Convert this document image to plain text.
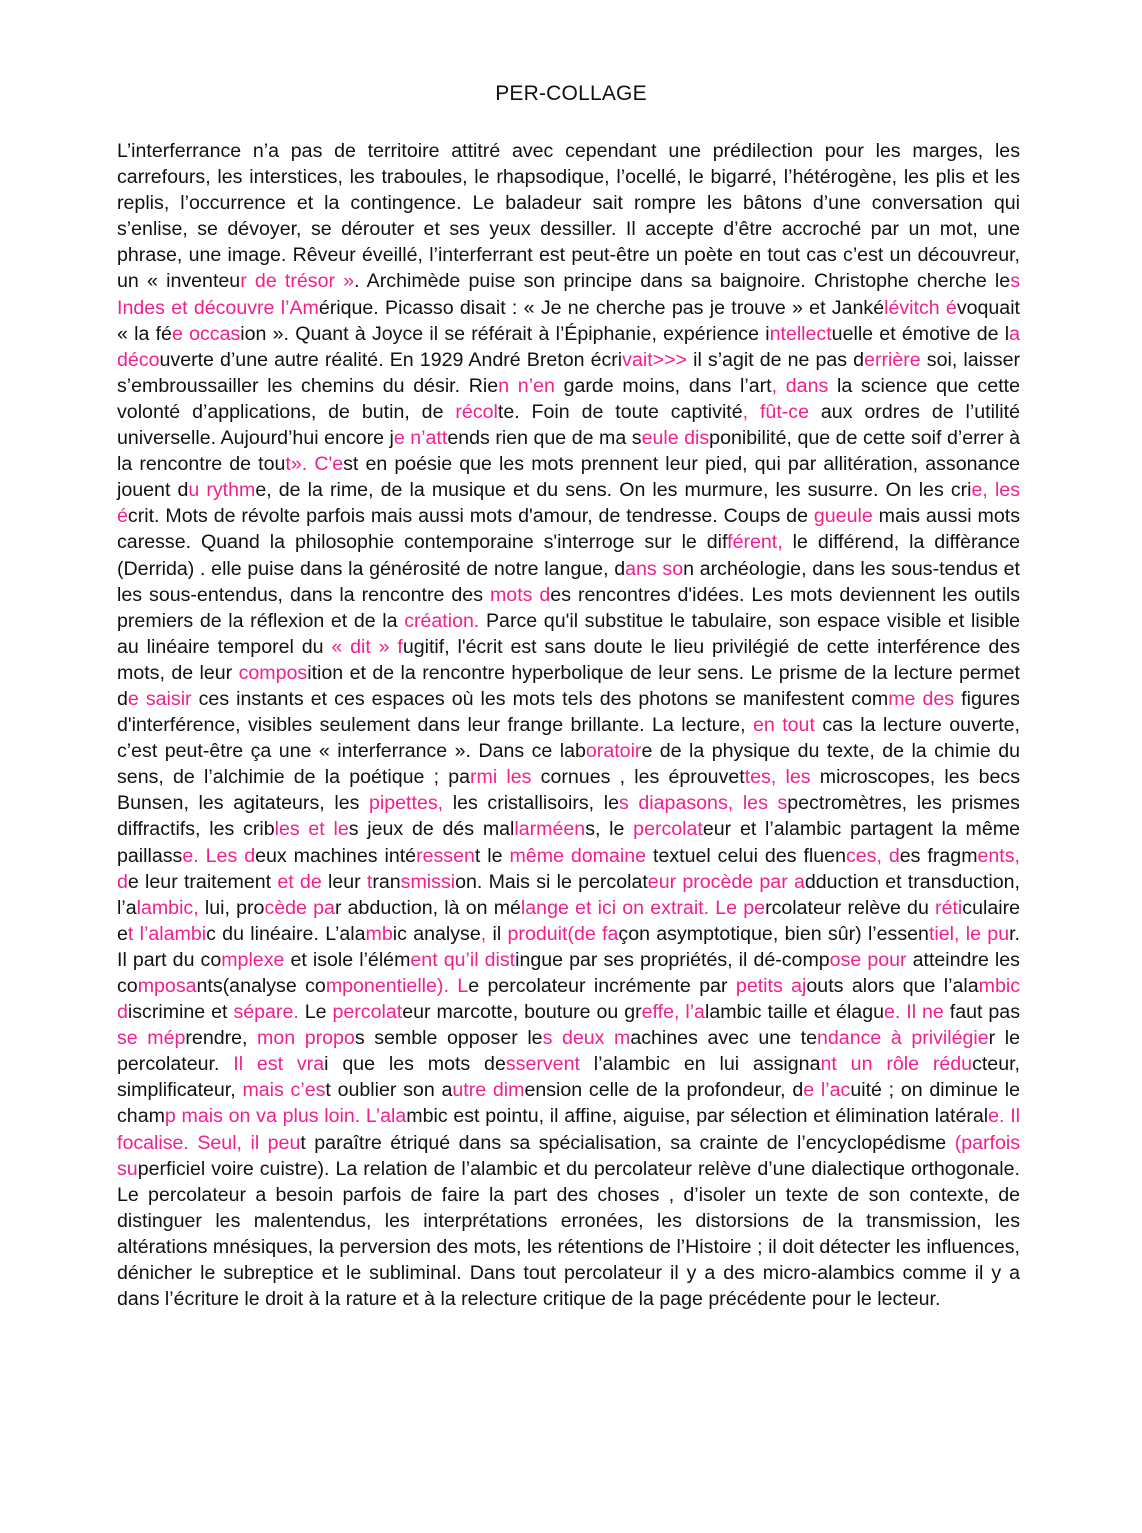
PER-COLLAGE

L’interferrance n’a pas de territoire attitré avec cependant une prédilection pour les marges, les carrefours, les interstices, les traboules, le rhapsodique, l’ocellé, le bigarré, l’hétérogène, les plis et les replis, l’occurrence et la contingence. Le baladeur sait rompre les bâtons d’une conversation qui s’enlise, se dévoyer, se dérouter et ses yeux dessiller. Il accepte d’être accroché par un mot, une phrase, une image. Rêveur éveillé, l’interferrant est peut-être un poète en tout cas c’est un découvreur, un « inventeur de trésor ». Archimède puise son principe dans sa baignoire. Christophe cherche les Indes et découvre l’Amérique. Picasso disait : « Je ne cherche pas je trouve » et Jankélévitch évoquait « la fée occasion ». Quant à Joyce il se référait à l’Épiphanie, expérience intellectuelle et émotive de la découverte d’une autre réalité. En 1929 André Breton écrivait>>> il s’agit de ne pas derrière soi, laisser s’embroussailler les chemins du désir. Rien n’en garde moins, dans l’art, dans la science que cette volonté d’applications, de butin, de récolte. Foin de toute captivité, fût-ce aux ordres de l’utilité universelle. Aujourd’hui encore je n’attends rien que de ma seule disponibilité, que de cette soif d’errer à la rencontre de tout». C'est en poésie que les mots prennent leur pied, qui par allitération, assonance jouent du rythme, de la rime, de la musique et du sens. On les murmure, les susurre. On les crie, les écrit. Mots de révolte parfois mais aussi mots d'amour, de tendresse. Coups de gueule mais aussi mots caresse. Quand la philosophie contemporaine s'interroge sur le différent, le différend, la diffèrance (Derrida) . elle puise dans la générosité de notre langue, dans son archéologie, dans les sous-tendus et les sous-entendus, dans la rencontre des mots des rencontres d'idées. Les mots deviennent les outils premiers de la réflexion et de la création. Parce qu'il substitue le tabulaire, son espace visible et lisible au linéaire temporel du « dit » fugitif, l'écrit est sans doute le lieu privilégié de cette interférence des mots, de leur composition et de la rencontre hyperbolique de leur sens. Le prisme de la lecture permet de saisir ces instants et ces espaces où les mots tels des photons se manifestent comme des figures d'interférence, visibles seulement dans leur frange brillante. La lecture, en tout cas la lecture ouverte, c’est peut-être ça une « interferrance ». Dans ce laboratoire de la physique du texte, de la chimie du sens, de l’alchimie de la poétique ; parmi les cornues , les éprouvettes, les microscopes, les becs Bunsen, les agitateurs, les pipettes, les cristallisoirs, les diapasons, les spectromètres, les prismes diffractifs, les cribles et les jeux de dés mallarméens, le percolateur et l’alambic partagent la même paillasse. Les deux machines intéressent le même domaine textuel celui des fluences, des fragments, de leur traitement et de leur transmission. Mais si le percolateur procède par adduction et transduction, l’alambic, lui, procède par abduction, là on mélange et ici on extrait. Le percolateur relève du réticulaire et l’alambic du linéaire. L’alambic analyse, il produit(de façon asymptotique, bien sûr) l’essentiel, le pur. Il part du complexe et isole l’élément qu’il distingue par ses propriétés, il dé-compose pour atteindre les composants(analyse componentielle). Le percolateur incrémente par petits ajouts alors que l’alambic discrimine et sépare. Le percolateur marcotte, bouture ou greffe, l’alambic taille et élague. Il ne faut pas se méprendre, mon propos semble opposer les deux machines avec une tendance à privilégier le percolateur. Il est vrai que les mots desservent l’alambic en lui assignant un rôle réducteur, simplificateur, mais c’est oublier son autre dimension celle de la profondeur, de l’acuité ; on diminue le champ mais on va plus loin. L’alambic est pointu, il affine, aiguise, par sélection et élimination latérale. Il focalise. Seul, il peut paraître étriqué dans sa spécialisation, sa crainte de l’encyclopédisme (parfois superficiel voire cuistre). La relation de l’alambic et du percolateur relève d’une dialectique orthogonale. Le percolateur a besoin parfois de faire la part des choses , d’isoler un texte de son contexte, de distinguer les malentendus, les interprétations erronées, les distorsions de la transmission, les altérations mnésiques, la perversion des mots, les rétentions de l’Histoire ; il doit détecter les influences, dénicher le subreptice et le subliminal. Dans tout percolateur il y a des micro-alambics comme il y a dans l’écriture le droit à la rature et à la relecture critique de la page précédente pour le lecteur.
